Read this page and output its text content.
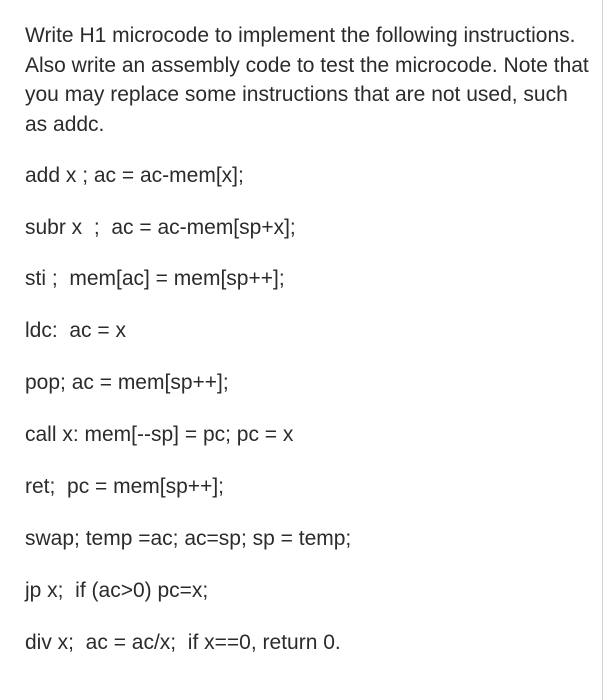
Write H1 microcode to implement the following instructions. Also write an assembly code to test the microcode. Note that you may replace some instructions that are not used, such as addc.

add x ; ac = ac-mem[x];
subr x  ;  ac = ac-mem[sp+x];
sti ;  mem[ac] = mem[sp++];
ldc:  ac = x
pop; ac = mem[sp++];
call x: mem[--sp] = pc; pc = x
ret;  pc = mem[sp++];
swap; temp =ac; ac=sp; sp = temp;
jp x;  if (ac>0) pc=x;
div x;  ac = ac/x;  if x==0, return 0.
